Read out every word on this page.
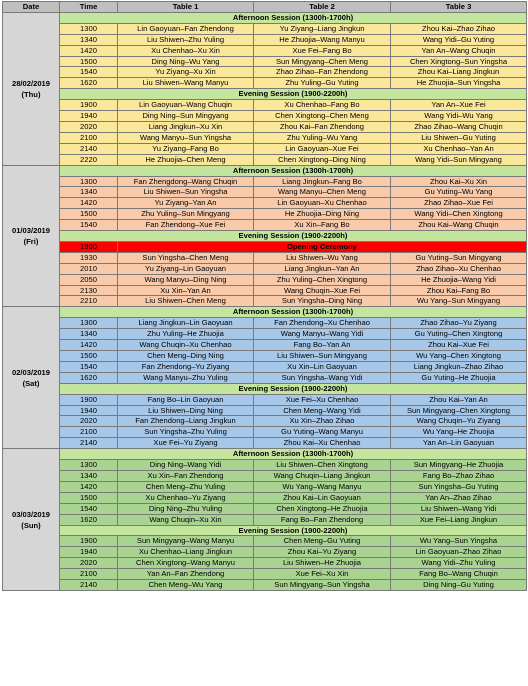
Date	Time	Table 1	Table 2	Table 3
28/02/2019
(Thu)	Afternoon Session (1300h-1700h)			
	1300	Lin Gaoyuan–Fan Zhendong	Yu Ziyang–Liang Jingkun	Zhou Kai–Zhao Zihao
	1340	Liu Shiwen–Zhu Yuling	He Zhuojia–Wang Manyu	Wang Yidi–Gu Yuting
	1420	Xu Chenhao–Xu Xin	Xue Fei–Fang Bo	Yan An–Wang Chuqin
	1500	Ding Ning–Wu Yang	Sun Mingyang–Chen Meng	Chen Xingtong–Sun Yingsha
	1540	Yu Ziyang–Xu Xin	Zhao Zihao–Fan Zhendong	Zhou Kai–Liang Jingkun
	1620	Liu Shiwen–Wang Manyu	Zhu Yuling–Gu Yuting	He Zhuojia–Sun Yingsha
	Evening Session (1900-2200h)			
	1900	Lin Gaoyuan–Wang Chuqin	Xu Chenhao–Fang Bo	Yan An–Xue Fei
	1940	Ding Ning–Sun Mingyang	Chen Xingtong–Chen Meng	Wang Yidi–Wu Yang
	2020	Liang Jingkun–Xu Xin	Zhou Kai–Fan Zhendong	Zhao Zihao–Wang Chuqin
	2100	Wang Manyu–Sun Yingsha	Zhu Yuling–Wu Yang	Liu Shiwen–Gu Yuting
	2140	Yu Ziyang–Fang Bo	Lin Gaoyuan–Xue Fei	Xu Chenhao–Yan An
	2220	He Zhuojia–Chen Meng	Chen Xingtong–Ding Ning	Wang Yidi–Sun Mingyang
01/03/2019
(Fri)	Afternoon Session (1300h-1700h)			
	1300	Fan Zhengdong–Wang Chuqin	Liang Jingkun–Fang Bo	Zhou Kai–Xu Xin
	1340	Liu Shiwen–Sun Yingsha	Wang Manyu–Chen Meng	Gu Yuting–Wu Yang
	1420	Yu Ziyang–Yan An	Lin Gaoyuan–Xu Chenhao	Zhao Zihao–Xue Fei
	1500	Zhu Yuling–Sun Mingyang	He Zhuojia–Ding Ning	Wang Yidi–Chen Xingtong
	1540	Fan Zhendong–Xue Fei	Xu Xin–Fang Bo	Zhou Kai–Wang Chuqin
	Evening Session (1900-2200h)			
	1900	Opening Ceremony		
	1930	Sun Yingsha–Chen Meng	Liu Shiwen–Wu Yang	Gu Yuting–Sun Mingyang
	2010	Yu Ziyang–Lin Gaoyuan	Liang Jingkun–Yan An	Zhao Zihao–Xu Chenhao
	2050	Wang Manyu–Ding Ning	Zhu Yuling–Chen Xingtong	He Zhuojia–Wang Yidi
	2130	Xu Xin–Yan An	Wang Chuqin–Xue Fei	Zhou Kai–Fang Bo
	2210	Liu Shiwen–Chen Meng	Sun Yingsha–Ding Ning	Wu Yang–Sun Mingyang
02/03/2019
(Sat)	Afternoon Session (1300h-1700h)			
	1300	Liang Jingkun–Lin Gaoyuan	Fan Zhendong–Xu Chenhao	Zhao Zihao–Yu Ziyang
	1340	Zhu Yuling–He Zhuojia	Wang Manyu–Wang Yidi	Gu Yuting–Chen Xingtong
	1420	Wang Chuqin–Xu Chenhao	Fang Bo–Yan An	Zhou Kai–Xue Fei
	1500	Chen Meng–Ding Ning	Liu Shiwen–Sun Mingyang	Wu Yang–Chen Xingtong
	1540	Fan Zhendong–Yu Ziyang	Xu Xin–Lin Gaoyuan	Liang Jingkun–Zhao Zihao
	1620	Wang Manyu–Zhu Yuling	Sun Yingsha–Wang Yidi	Gu Yuting–He Zhuojia
	Evening Session (1900-2200h)			
	1900	Fang Bo–Lin Gaoyuan	Xue Fei–Xu Chenhao	Zhou Kai–Yan An
	1940	Liu Shiwen–Ding Ning	Chen Meng–Wang Yidi	Sun Mingyang–Chen Xingtong
	2020	Fan Zhendong–Liang Jingkun	Xu Xin–Zhao Zihao	Wang Chuqin–Yu Ziyang
	2100	Sun Yingsha–Zhu Yuling	Gu Yuting–Wang Manyu	Wu Yang–He Zhuojia
	2140	Xue Fei–Yu Ziyang	Zhou Kai–Xu Chenhao	Yan An–Lin Gaoyuan
03/03/2019
(Sun)	Afternoon Session (1300h-1700h)			
	1300	Ding Ning–Wang Yidi	Liu Shiwen–Chen Xingtong	Sun Mingyang–He Zhuojia
	1340	Xu Xin–Fan Zhendong	Wang Chuqin–Liang Jingkun	Fang Bo–Zhao Zihao
	1420	Chen Meng–Zhu Yuling	Wu Yang–Wang Manyu	Sun Yingsha–Gu Yuting
	1500	Xu Chenhao–Yu Ziyang	Zhou Kai–Lin Gaoyuan	Yan An–Zhao Zihao
	1540	Ding Ning–Zhu Yuling	Chen Xingtong–He Zhuojia	Liu Shiwen–Wang Yidi
	1620	Wang Chuqin–Xu Xin	Fang Bo–Fan Zhendong	Xue Fei–Liang Jingkun
	Evening Session (1900-2200h)			
	1900	Sun Mingyang–Wang Manyu	Chen Meng–Gu Yuting	Wu Yang–Sun Yingsha
	1940	Xu Chenhao–Liang Jingkun	Zhou Kai–Yu Ziyang	Lin Gaoyuan–Zhao Zihao
	2020	Chen Xingtong–Wang Manyu	Liu Shiwen–He Zhuojia	Wang Yidi–Zhu Yuling
	2100	Yan An–Fan Zhendong	Xue Fei–Xu Xin	Fang Bo–Wang Chuqin
	2140	Chen Meng–Wu Yang	Sun Mingyang–Sun Yingsha	Ding Ning–Gu Yuting
